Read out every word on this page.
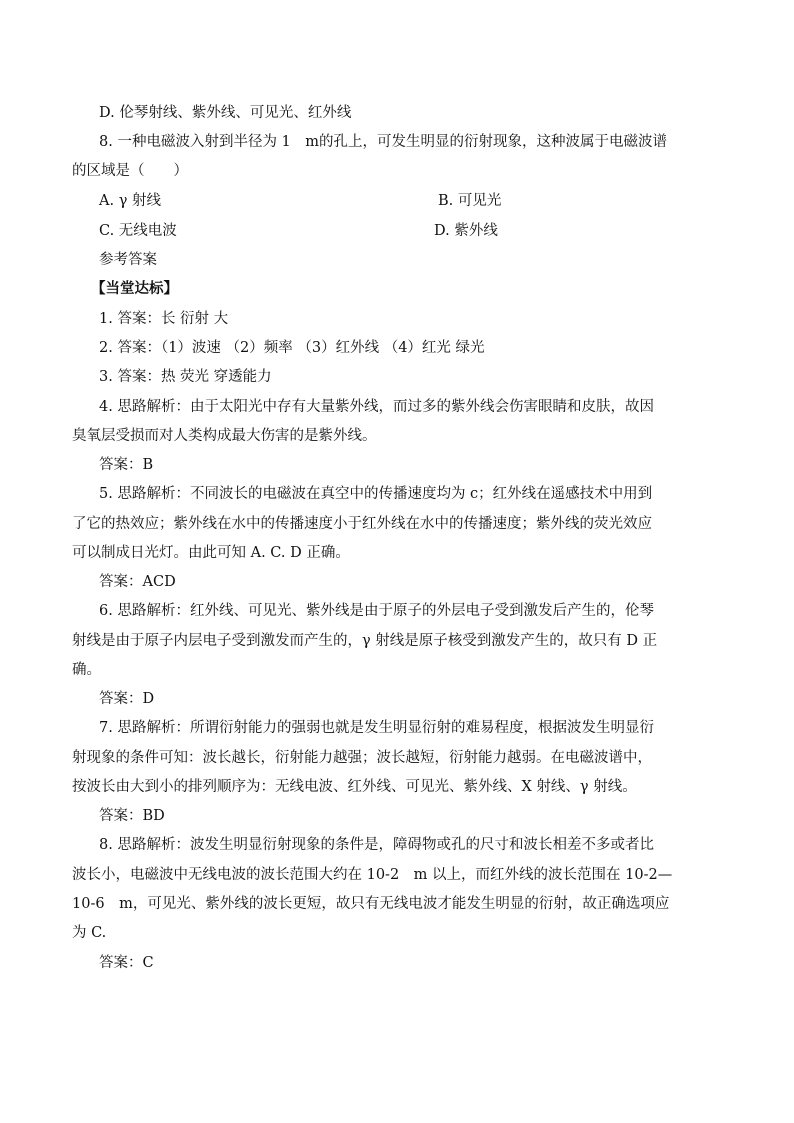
D. 伦琴射线、紫外线、可见光、红外线
8. 一种电磁波入射到半径为 1　m的孔上，可发生明显的衍射现象，这种波属于电磁波谱
的区域是（　　）
A. γ 射线	B. 可见光
C. 无线电波	D. 紫外线
参考答案
【当堂达标】
1. 答案：长 衍射 大
2. 答案：（1）波速 （2）频率 （3）红外线 （4）红光 绿光
3. 答案：热 荧光 穿透能力
4. 思路解析：由于太阳光中存有大量紫外线，而过多的紫外线会伤害眼睛和皮肤，故因
臭氧层受损而对人类构成最大伤害的是紫外线。
答案：B
5. 思路解析：不同波长的电磁波在真空中的传播速度均为 c；红外线在遥感技术中用到
了它的热效应；紫外线在水中的传播速度小于红外线在水中的传播速度；紫外线的荧光效应
可以制成日光灯。由此可知 A. C. D 正确。
答案：ACD
6. 思路解析：红外线、可见光、紫外线是由于原子的外层电子受到激发后产生的，伦琴
射线是由于原子内层电子受到激发而产生的，γ 射线是原子核受到激发产生的，故只有 D 正
确。
答案：D
7. 思路解析：所谓衍射能力的强弱也就是发生明显衍射的难易程度，根据波发生明显衍
射现象的条件可知：波长越长，衍射能力越强；波长越短，衍射能力越弱。在电磁波谱中，
按波长由大到小的排列顺序为：无线电波、红外线、可见光、紫外线、X 射线、γ 射线。
答案：BD
8. 思路解析：波发生明显衍射现象的条件是，障碍物或孔的尺寸和波长相差不多或者比
波长小，电磁波中无线电波的波长范围大约在 10-2　m 以上，而红外线的波长范围在 10-2—
10-6　m，可见光、紫外线的波长更短，故只有无线电波才能发生明显的衍射，故正确选项应
为 C.
答案：C
